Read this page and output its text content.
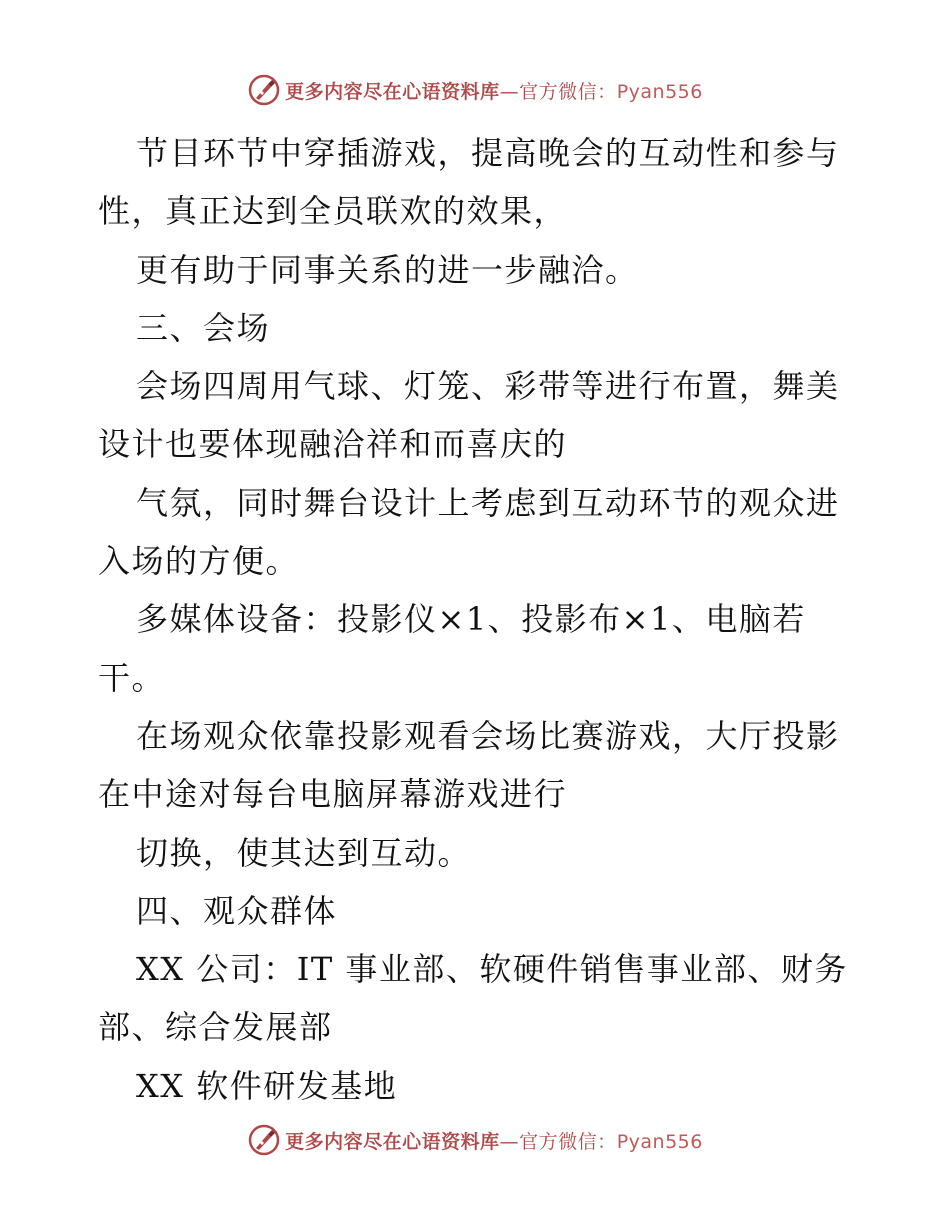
更多内容尽在心语资料库—官方微信：Pyan556
节目环节中穿插游戏，提高晚会的互动性和参与
性，真正达到全员联欢的效果，
更有助于同事关系的进一步融洽。
三、会场
会场四周用气球、灯笼、彩带等进行布置，舞美
设计也要体现融洽祥和而喜庆的
气氛，同时舞台设计上考虑到互动环节的观众进
入场的方便。
多媒体设备：投影仪×1、投影布×1、电脑若
干。
在场观众依靠投影观看会场比赛游戏，大厅投影
在中途对每台电脑屏幕游戏进行
切换，使其达到互动。
四、观众群体
XX 公司：IT 事业部、软硬件销售事业部、财务
部、综合发展部
XX 软件研发基地
更多内容尽在心语资料库—官方微信：Pyan556
